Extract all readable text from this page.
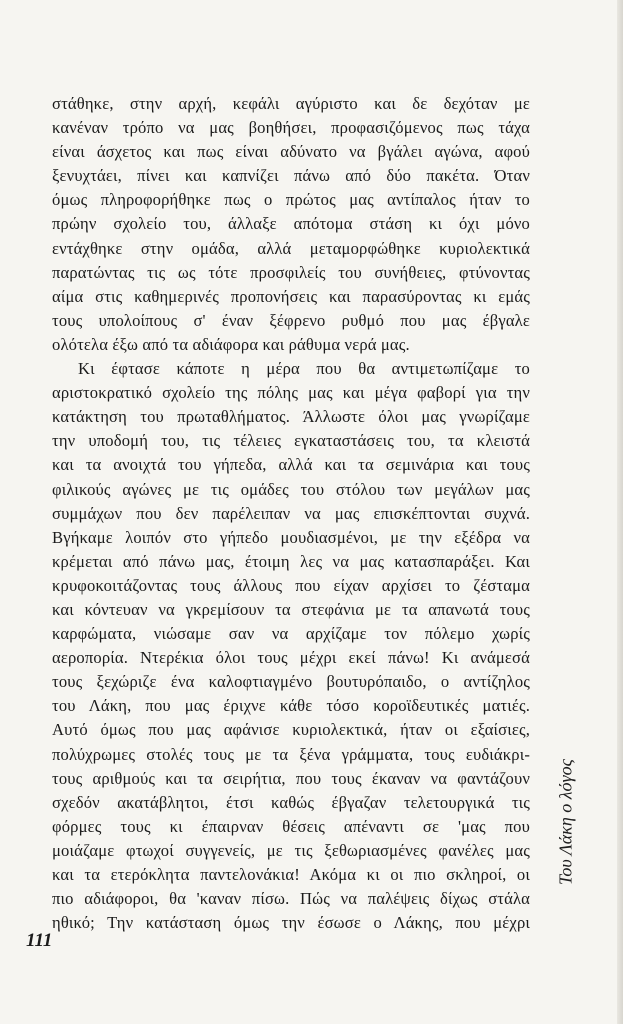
στάθηκε, στην αρχή, κεφάλι αγύριστο και δε δεχόταν με
κανέναν τρόπο να μας βοηθήσει, προφασιζόμενος πως τάχα
είναι άσχετος και πως είναι αδύνατο να βγάλει αγώνα, αφού
ξενυχτάει, πίνει και καπνίζει πάνω από δύο πακέτα. Όταν
όμως πληροφορήθηκε πως ο πρώτος μας αντίπαλος ήταν το
πρώην σχολείο του, άλλαξε απότομα στάση κι όχι μόνο
εντάχθηκε στην ομάδα, αλλά μεταμορφώθηκε κυριολεκτικά
παρατώντας τις ως τότε προσφιλείς του συνήθειες, φτύνοντας
αίμα στις καθημερινές προπονήσεις και παρασύροντας κι εμάς
τους υπολοίπους σ' έναν ξέφρενο ρυθμό που μας έβγαλε
ολότελα έξω από τα αδιάφορα και ράθυμα νερά μας.
Κι έφτασε κάποτε η μέρα που θα αντιμετωπίζαμε το
αριστοκρατικό σχολείο της πόλης μας και μέγα φαβορί για την
κατάκτηση του πρωταθλήματος. Άλλωστε όλοι μας γνωρίζαμε
την υποδομή του, τις τέλειες εγκαταστάσεις του, τα κλειστά
και τα ανοιχτά του γήπεδα, αλλά και τα σεμινάρια και τους
φιλικούς αγώνες με τις ομάδες του στόλου των μεγάλων μας
συμμάχων που δεν παρέλειπαν να μας επισκέπτονται συχνά.
Βγήκαμε λοιπόν στο γήπεδο μουδιασμένοι, με την εξέδρα να
κρέμεται από πάνω μας, έτοιμη λες να μας κατασπαράξει. Και
κρυφοκοιτάζοντας τους άλλους που είχαν αρχίσει το ζέσταμα
και κόντευαν να γκρεμίσουν τα στεφάνια με τα απανωτά τους
καρφώματα, νιώσαμε σαν να αρχίζαμε τον πόλεμο χωρίς
αεροπορία. Ντερέκια όλοι τους μέχρι εκεί πάνω! Κι ανάμεσά
τους ξεχώριζε ένα καλοφτιαγμένο βουτυρόπαιδο, ο αντίζηλος
του Λάκη, που μας έριχνε κάθε τόσο κοροϊδευτικές ματιές.
Αυτό όμως που μας αφάνισε κυριολεκτικά, ήταν οι εξαίσιες,
πολύχρωμες στολές τους με τα ξένα γράμματα, τους ευδιάκρι-
τους αριθμούς και τα σειρήτια, που τους έκαναν να φαντάζουν
σχεδόν ακατάβλητοι, έτσι καθώς έβγαζαν τελετουργικά τις
φόρμες τους κι έπαιρναν θέσεις απέναντι σε 'μας που
μοιάζαμε φτωχοί συγγενείς, με τις ξεθωριασμένες φανέλες μας
και τα ετερόκλητα παντελονάκια! Ακόμα κι οι πιο σκληροί, οι
πιο αδιάφοροι, θα 'καναν πίσω. Πώς να παλέψεις δίχως στάλα
ηθικό; Την κατάσταση όμως την έσωσε ο Λάκης, που μέχρι
Του Λάκη ο λόγος
111
